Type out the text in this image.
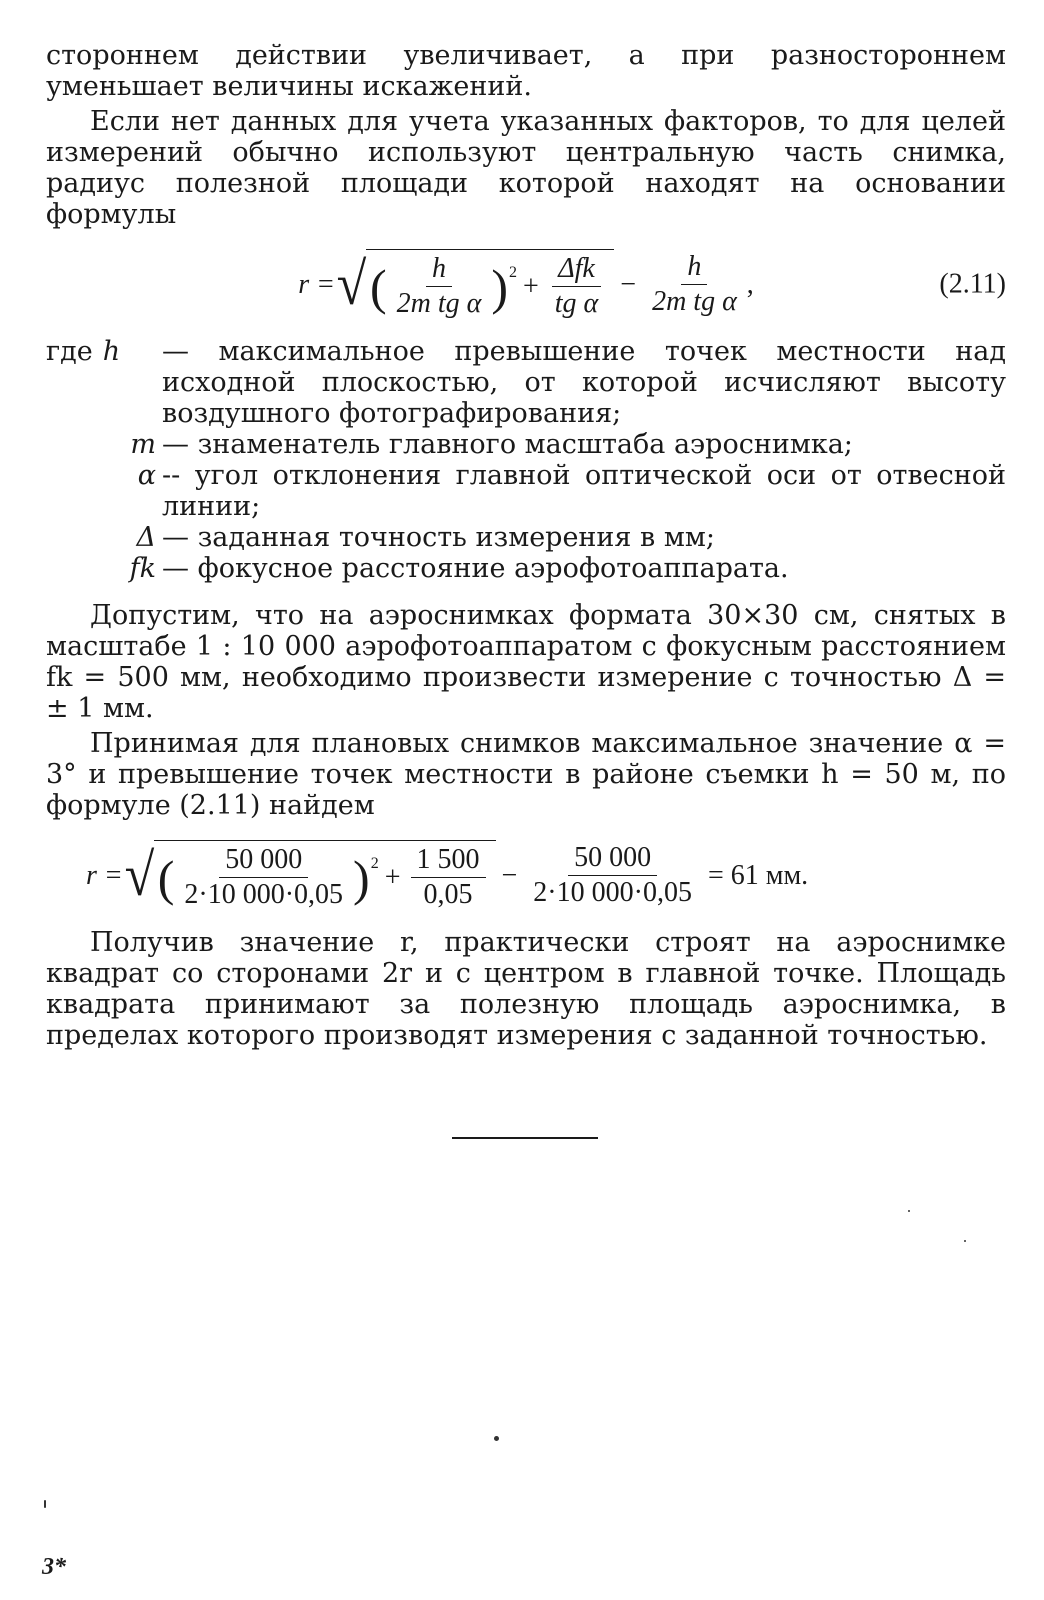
стороннем действии увеличивает, а при разностороннем уменьшает величины искажений.

Если нет данных для учета указанных факторов, то для целей измерений обычно используют центральную часть снимка, радиус полезной площади которой находят на основании формулы

r = √ ( $\frac{h}{\text{2m tg α}}$ ) $2 + \frac{\text{Δfk}}{\text{tg α}} - \frac{h}{\text{2m tg α}}$ ,	(2.11)
где h — максимальное превышение точек местности над исходной плоскостью, от которой исчисляют высоту воздушного фотографирования;
m — знаменатель главного масштаба аэроснимка;
α -- угол отклонения главной оптической оси от отвесной линии;
Δ — заданная точность измерения в мм;
fk — фокусное расстояние аэрофотоаппарата.

Допустим, что на аэроснимках формата 30×30 см, снятых в масштабе 1 : 10 000 аэрофотоаппаратом с фокусным расстоянием fk = 500 мм, необходимо произвести измерение с точностью Δ = ± 1 мм.

Принимая для плановых снимков максимальное значение α = 3° и превышение точек местности в районе съемки h = 50 м, по формуле (2.11) найдем

r = √ ( $\frac{50 000}{2\cdot 10 000\cdot 0,05}$ ) $2 + \frac{1 500}{0,05} - \frac{50 000}{2\cdot 10 000\cdot 0,05} = 61$ мм.

Получив значение r, практически строят на аэроснимке квадрат со сторонами 2r и с центром в главной точке. Площадь квадрата принимают за полезную площадь аэроснимка, в пределах которого производят измерения с заданной точностью.

3*
